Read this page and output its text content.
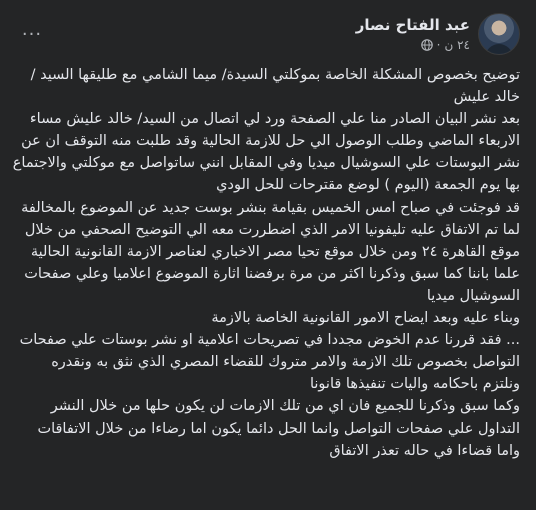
عبد الفتاح نصار
٢٤ ن
·
...

توضيح بخصوص المشكلة الخاصة بموكلتي السيدة/ ميما الشامي مع طليقها السيد /خالد عليش

بعد نشر البيان الصادر منا علي الصفحة ورد لي اتصال من السيد/ خالد عليش مساء الاربعاء الماضي وطلب الوصول الي حل للازمة الحالية وقد طلبت منه التوقف ان عن نشر البوستات علي السوشيال ميديا وفي المقابل انني ساتواصل مع موكلتي والاجتماع بها يوم الجمعة (اليوم ) لوضع مقترحات للحل الودي

قد فوجئت في صباح امس الخميس بقيامة بنشر بوست جديد عن الموضوع بالمخالفة لما تم الاتفاق عليه تليفونيا الامر الذي اضطررت معه الي التوضيح الصحفي من خلال موقع القاهرة ٢٤ ومن خلال موقع تحيا مصر الاخباري لعناصر الازمة القانونية الحالية

علما باننا كما سبق وذكرنا اكثر من مرة برفضنا اثارة الموضوع اعلاميا وعلي صفحات السوشيال ميديا

وبناء عليه وبعد ايضاح الامور القانونية الخاصة بالازمة

... فقد قررنا عدم الخوض مجددا في تصريحات اعلامية او نشر بوستات علي صفحات التواصل بخصوص تلك الازمة والامر متروك للقضاء المصري الذي نثق به ونقدره ونلتزم باحكامه واليات تنفيذها قانونا

وكما سبق وذكرنا للجميع فان اي من تلك الازمات لن يكون حلها من خلال النشر التداول علي صفحات التواصل وانما الحل دائما يكون اما رضاءا من خلال الاتفاقات واما قضاءا في حاله تعذر الاتفاق
